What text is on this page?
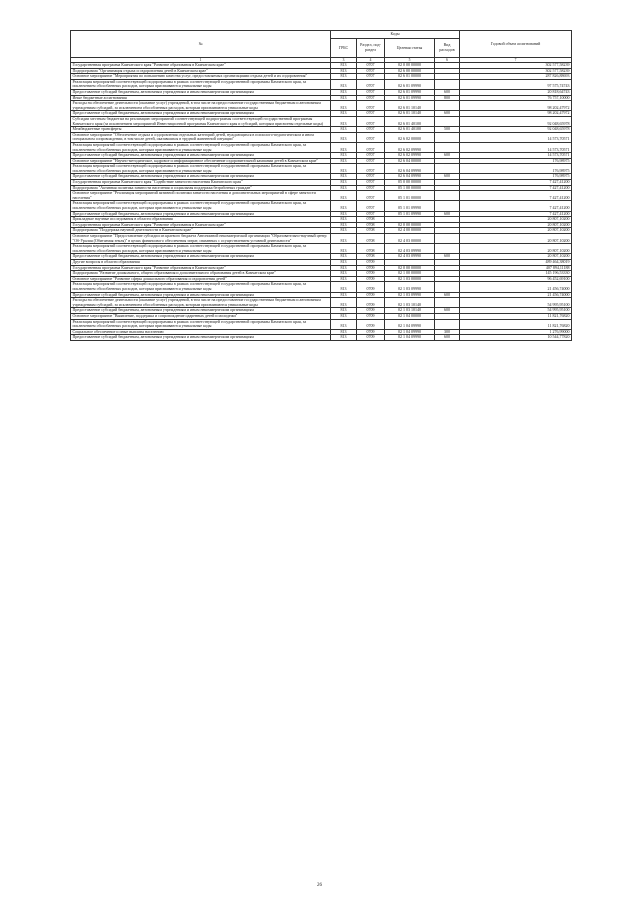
№	Коды				Годовой объем ассигнований
	ГРБС	Раздел, под-раздел	Целевая статья	Вид расходов	
1	3	4	5	6	7
Государственная программа Камчатского края "Развитие образования в Камчатском крае"	813	0707	02 0 00 00000		302 577,58239
Подпрограмма "Организация отдыха и оздоровления детей в Камчатском крае"	813	0707	02 6 00 00000		302 577,58239
Основное мероприятие "Мероприятия по повышению качества услуг, предоставляемых организациями отдыха детей и их оздоровления"	813	0707	02 6 01 00000		287 826,88693
Реализация мероприятий соответствующей подпрограммы в рамках соответствующей государственной программы Камчатского края, за исключением обособленных расходов, которым присваиваются уникальные коды	813	0707	02 6 01 09990		97 575,74743
Предоставление субсидий бюджетным, автономным учреждениям и иным некоммерческим организациям	813	0707	02 6 01 09990	600	20 818,64743
Иные бюджетные ассигнования	813	0707	02 6 01 09990	800	76 757,10000
Расходы на обеспечение деятельности (оказание услуг) учреждений, в том числе на предоставление государственным бюджетным и автономным учреждениям субсидий, за исключением обособленных расходов, которым присваиваются уникальные коды	813	0707	02 6 01 10140		98 202,47972
Предоставление субсидий бюджетным, автономным учреждениям и иным некоммерческим организациям	813	0707	02 6 01 10140	600	98 202,47972
Субсидии местным бюджетам на реализацию мероприятий соответствующей подпрограммы соответствующей государственной программы Камчатского края (за исключением мероприятий Инвестиционной программы Камчатского края и субсидий, которым присвоены отдельные коды)	813	0707	02 6 01 40100		92 048,65978
Межбюджетные трансферты	813	0707	02 6 01 40100	500	92 048,65978
Основное мероприятие "Обеспечение отдыха и оздоровления отдельных категорий детей, нуждающихся в психолого-педагогическом и ином специальном сопровождении, в том числе детей, оказавшихся в трудной жизненной ситуации"	813	0707	02 6 02 00000		14 573,70571
Реализация мероприятий соответствующей подпрограммы в рамках соответствующей государственной программы Камчатского края, за исключением обособленных расходов, которым присваиваются уникальные коды	813	0707	02 6 02 09990		14 573,70571
Предоставление субсидий бюджетным, автономным учреждениям и иным некоммерческим организациям	813	0707	02 6 02 09990	600	14 573,70571
Основное мероприятие "Научно-методическое, кадровое и информационное обеспечение оздоровительной кампании детей в Камчатском крае"	813	0707	02 6 04 00000		176,98975
Реализация мероприятий соответствующей подпрограммы в рамках соответствующей государственной программы Камчатского края, за исключением обособленных расходов, которым присваиваются уникальные коды	813	0707	02 6 04 09990		176,98975
Предоставление субсидий бюджетным, автономным учреждениям и иным некоммерческим организациям	813	0707	02 6 04 09990	600	176,98975
Государственная программа Камчатского края "Содействие занятости населения Камчатского края"	813	0707	05 0 00 00000		7 427,41200
Подпрограмма "Активная политика занятости населения и социальная поддержка безработных граждан"	813	0707	05 1 00 00000		7 427,41200
Основное мероприятие "Реализация мероприятий активной политики занятости населения и дополнительных мероприятий в сфере занятости населения"	813	0707	05 1 01 00000		7 427,41200
Реализация мероприятий соответствующей подпрограммы в рамках соответствующей государственной программы Камчатского края, за исключением обособленных расходов, которым присваиваются уникальные коды	813	0707	05 1 01 09990		7 427,41200
Предоставление субсидий бюджетным, автономным учреждениям и иным некоммерческим организациям	813	0707	05 1 01 09990	600	7 427,41200
Прикладные научные исследования в области образования	813	0708			20 807,10200
Государственная программа Камчатского края "Развитие образования в Камчатском крае"	813	0708	02 0 00 00000		20 807,10200
Подпрограмма "Поддержка научной деятельности в Камчатском крае"	813	0708	02 4 00 00000		20 807,10200
Основное мероприятие "Предоставление субсидии из краевого бюджета Автономной некоммерческой организации "Образовательно-научный центр "Об-Уралия (Обитаемая земля)" в целях финансового обеспечения затрат, связанных с осуществлением уставной деятельности"	813	0708	02 4 03 00000		20 807,10200
Реализация мероприятий соответствующей подпрограммы в рамках соответствующей государственной программы Камчатского края, за исключением обособленных расходов, которым присваиваются уникальные коды	813	0708	02 4 03 09990		20 807,10200
Предоставление субсидий бюджетным, автономным учреждениям и иным некоммерческим организациям	813	0708	02 4 03 09990	600	20 807,10200
Другие вопросы в области образования	813	0709			489 464,38019
Государственная программа Камчатского края "Развитие образования в Камчатском крае"	813	0709	02 0 00 00000		407 894,11188
Подпрограмма "Развитие дошкольного, общего образования и дополнительного образования детей в Камчатском крае"	813	0709	02 1 00 00000		145 196,53330
Основное мероприятие "Развитие сферы дошкольного образования и оздоровления детей"	813	0709	02 1 03 00000		96 452,69100
Реализация мероприятий соответствующей подпрограммы в рамках соответствующей государственной программы Камчатского края, за исключением обособленных расходов, которым присваиваются уникальные коды	813	0709	02 1 03 09990		21 456,74000
Предоставление субсидий бюджетным, автономным учреждениям и иным некоммерческим организациям	813	0709	02 1 03 09990	600	21 456,74000
Расходы на обеспечение деятельности (оказание услуг) учреждений, в том числе на предоставление государственным бюджетным и автономным учреждениям субсидий, за исключением обособленных расходов, которым присваиваются уникальные коды	813	0709	02 1 03 10140		54 995,95100
Предоставление субсидий бюджетным, автономным учреждениям и иным некоммерческим организациям	813	0709	02 1 03 10140	600	54 995,95100
Основное мероприятие "Выявление, поддержка и сопровождение одаренных детей и молодежи"	813	0709	02 1 04 00000		11 821,76820
Реализация мероприятий соответствующей подпрограммы в рамках соответствующей государственной программы Камчатского края, за исключением обособленных расходов, которым присваиваются уникальные коды	813	0709	02 1 04 09990		11 821,76820
Социальное обеспечение и иные выплаты населению	813	0709	02 1 04 09990	300	1 276,99000
Предоставление субсидий бюджетным, автономным учреждениям и иным некоммерческим организациям	813	0709	02 1 04 09990	600	10 544,77820
26
